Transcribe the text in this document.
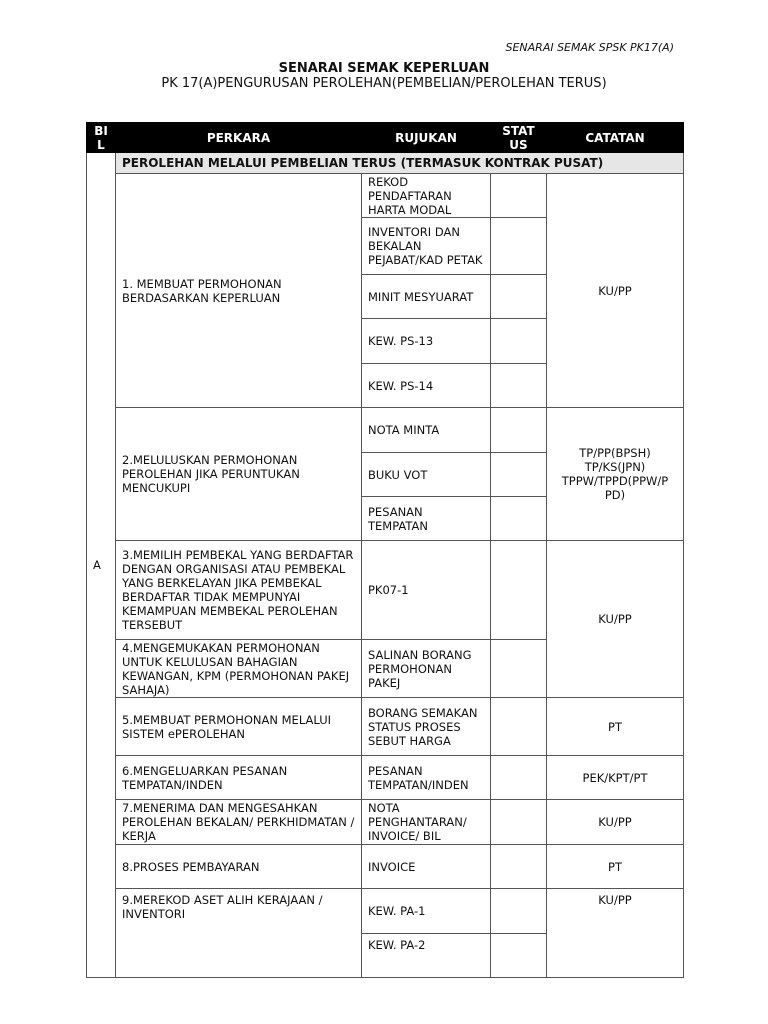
SENARAI SEMAK SPSK PK17(A)
SENARAI SEMAK KEPERLUAN
PK 17(A)PENGURUSAN PEROLEHAN(PEMBELIAN/PEROLEHAN TERUS)
BI L	PERKARA	RUJUKAN	STAT US	CATATAN
A	PEROLEHAN MELALUI PEMBELIAN TERUS (TERMASUK KONTRAK PUSAT)			
	1. MEMBUAT PERMOHONAN BERDASARKAN KEPERLUAN	REKOD PENDAFTARAN HARTA MODAL		KU/PP
		INVENTORI DAN BEKALAN PEJABAT/KAD PETAK		
		MINIT MESYUARAT		
		KEW. PS-13		
		KEW. PS-14		
	2.MELULUSKAN PERMOHONAN PEROLEHAN JIKA PERUNTUKAN MENCUKUPI	NOTA MINTA		TP/PP(BPSH) TP/KS(JPN) TPPW/TPPD(PPW/P PD)
		BUKU VOT		
		PESANAN TEMPATAN		
	3.MEMILIH PEMBEKAL YANG BERDAFTAR DENGAN ORGANISASI ATAU PEMBEKAL YANG BERKELAYAN JIKA PEMBEKAL BERDAFTAR TIDAK MEMPUNYAI KEMAMPUAN MEMBEKAL PEROLEHAN TERSEBUT	PK07-1		KU/PP
	4.MENGEMUKAKAN PERMOHONAN UNTUK KELULUSAN BAHAGIAN KEWANGAN, KPM (PERMOHONAN PAKEJ SAHAJA)	SALINAN BORANG PERMOHONAN PAKEJ		
	5.MEMBUAT PERMOHONAN MELALUI SISTEM ePEROLEHAN	BORANG SEMAKAN STATUS PROSES SEBUT HARGA		PT
	6.MENGELUARKAN PESANAN TEMPATAN/INDEN	PESANAN TEMPATAN/INDEN		PEK/KPT/PT
	7.MENERIMA DAN MENGESAHKAN PEROLEHAN BEKALAN/ PERKHIDMATAN / KERJA	NOTA PENGHANTARAN/ INVOICE/ BIL		KU/PP
	8.PROSES PEMBAYARAN	INVOICE		PT
	9.MEREKOD ASET ALIH KERAJAAN / INVENTORI	KEW. PA-1		KU/PP
		KEW. PA-2		
